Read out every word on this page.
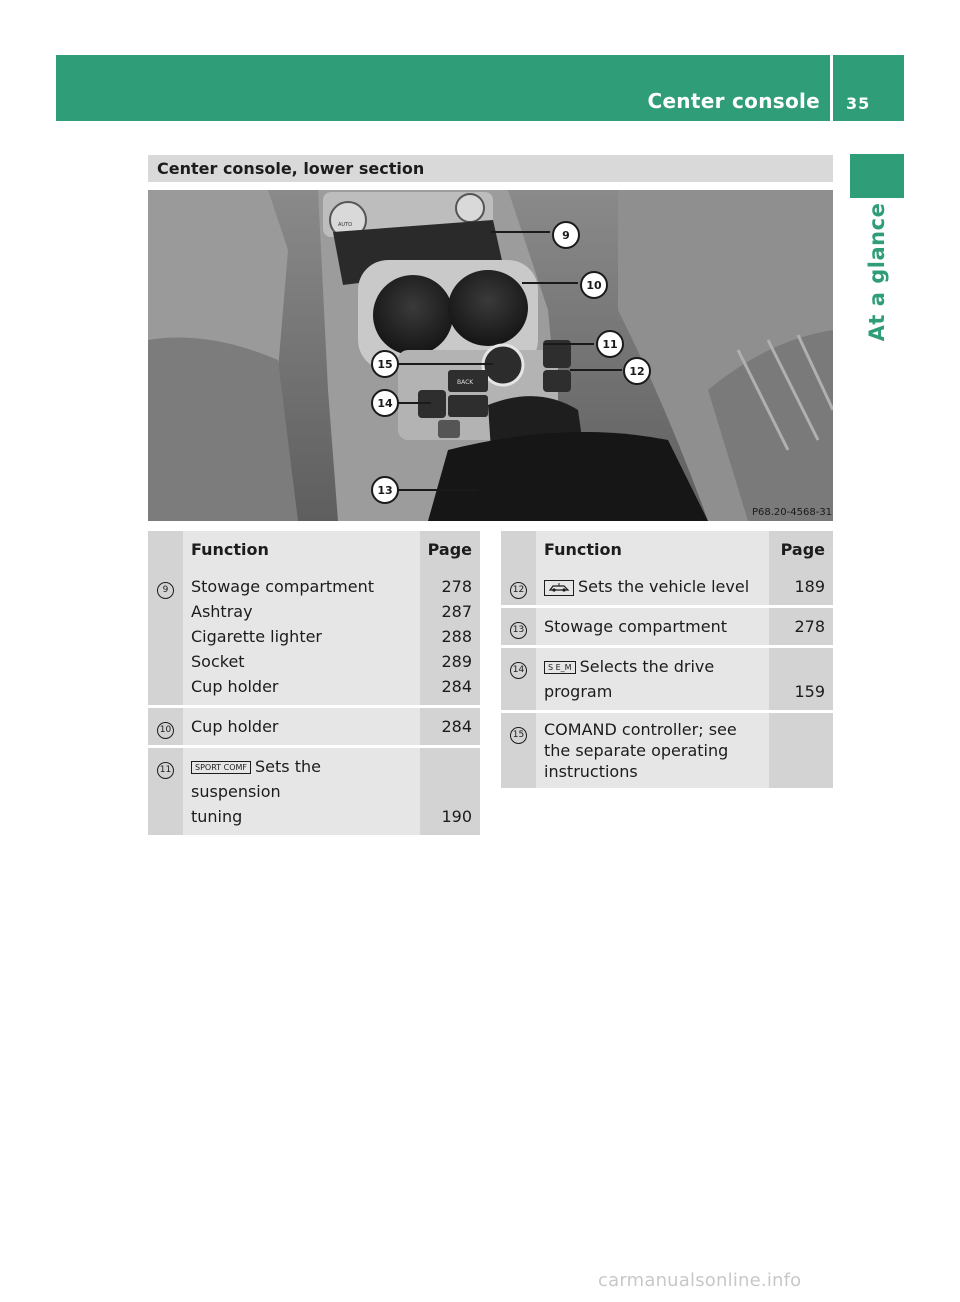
Center console 35
At a glance
Center console, lower section
BACK
9
10
11
12
15
14
13
P68.20-4568-31
AUTO
	Function	Page

9	Stowage compartment	278
	Ashtray	287
	Cigarette lighter	288
	Socket	289
	Cup holder	284

10	Cup holder	284

11	SPORT COMF Sets the suspension
tuning	190

	Function	Page

12	Sets the vehicle level	189

13	Stowage compartment	278

14	S E_M Selects the drive
program	159

15	COMAND controller; see
the separate operating
instructions	

carmanualsonline.info
